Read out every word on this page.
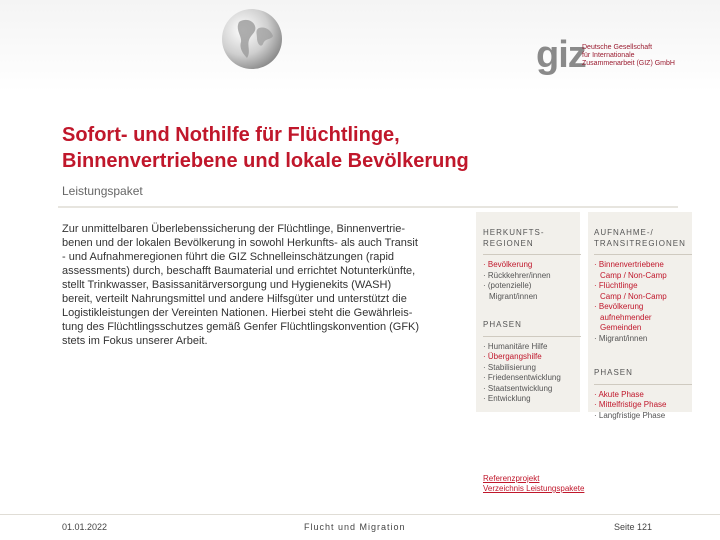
giz
Deutsche Gesellschaft
für Internationale
Zusammenarbeit (GIZ) GmbH
Sofort- und Nothilfe für Flüchtlinge,
Binnenvertriebene und lokale Bevölkerung
Leistungspaket
Zur unmittelbaren Überlebenssicherung der Flüchtlinge, Binnenvertrie-
benen und der lokalen Bevölkerung in sowohl Herkunfts- als auch Transit
- und Aufnahmeregionen führt die GIZ Schnelleinschätzungen (rapid
assessments) durch, beschafft Baumaterial und errichtet Notunterkünfte,
stellt Trinkwasser, Basissanitärversorgung und Hygienekits (WASH)
bereit, verteilt Nahrungsmittel und andere Hilfsgüter und unterstützt die
Logistikleistungen der Vereinten Nationen. Hierbei steht die Gewährleis-
tung des Flüchtlingsschutzes gemäß Genfer Flüchtlingskonvention (GFK)
stets im Fokus unserer Arbeit.
HERKUNFTS-
REGIONEN
· Bevölkerung
· Rückkehrer/innen
· (potenzielle)
Migrant/innen
PHASEN
· Humanitäre Hilfe
· Übergangshilfe
· Stabilisierung
· Friedensentwicklung
· Staatsentwicklung
· Entwicklung
AUFNAHME-/
TRANSITREGIONEN
· Binnenvertriebene
Camp / Non-Camp
· Flüchtlinge
Camp / Non-Camp
· Bevölkerung
aufnehmender
Gemeinden
· Migrant/innen
PHASEN
· Akute Phase
· Mittelfristige Phase
· Langfristige Phase
Referenzprojekt
Verzeichnis Leistungspakete
01.01.2022	Flucht und Migration	Seite 121
